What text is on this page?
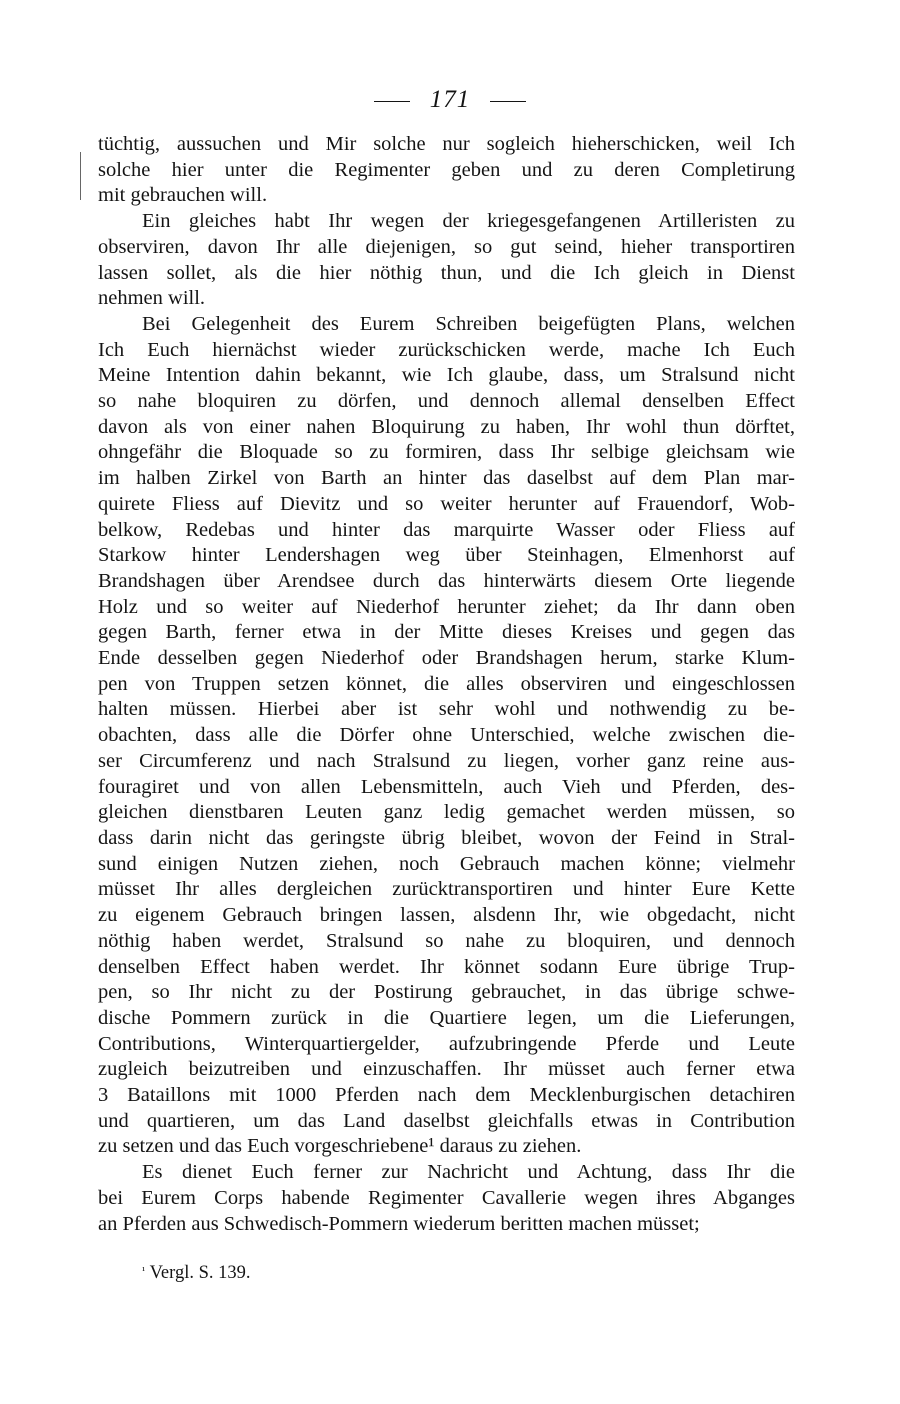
171
tüchtig, aussuchen und Mir solche nur sogleich hieherschicken, weil Ich
solche hier unter die Regimenter geben und zu deren Completirung
mit gebrauchen will.
Ein gleiches habt Ihr wegen der kriegesgefangenen Artilleristen zu
observiren, davon Ihr alle diejenigen, so gut seind, hieher transportiren
lassen sollet, als die hier nöthig thun, und die Ich gleich in Dienst
nehmen will.
Bei Gelegenheit des Eurem Schreiben beigefügten Plans, welchen
Ich Euch hiernächst wieder zurückschicken werde, mache Ich Euch
Meine Intention dahin bekannt, wie Ich glaube, dass, um Stralsund nicht
so nahe bloquiren zu dörfen, und dennoch allemal denselben Effect
davon als von einer nahen Bloquirung zu haben, Ihr wohl thun dörftet,
ohngefähr die Bloquade so zu formiren, dass Ihr selbige gleichsam wie
im halben Zirkel von Barth an hinter das daselbst auf dem Plan mar-
quirete Fliess auf Dievitz und so weiter herunter auf Frauendorf, Wob-
belkow, Redebas und hinter das marquirte Wasser oder Fliess auf
Starkow hinter Lendershagen weg über Steinhagen, Elmenhorst auf
Brandshagen über Arendsee durch das hinterwärts diesem Orte liegende
Holz und so weiter auf Niederhof herunter ziehet; da Ihr dann oben
gegen Barth, ferner etwa in der Mitte dieses Kreises und gegen das
Ende desselben gegen Niederhof oder Brandshagen herum, starke Klum-
pen von Truppen setzen könnet, die alles observiren und eingeschlossen
halten müssen. Hierbei aber ist sehr wohl und nothwendig zu be-
obachten, dass alle die Dörfer ohne Unterschied, welche zwischen die-
ser Circumferenz und nach Stralsund zu liegen, vorher ganz reine aus-
fouragiret und von allen Lebensmitteln, auch Vieh und Pferden, des-
gleichen dienstbaren Leuten ganz ledig gemachet werden müssen, so
dass darin nicht das geringste übrig bleibet, wovon der Feind in Stral-
sund einigen Nutzen ziehen, noch Gebrauch machen könne; vielmehr
müsset Ihr alles dergleichen zurücktransportiren und hinter Eure Kette
zu eigenem Gebrauch bringen lassen, alsdenn Ihr, wie obgedacht, nicht
nöthig haben werdet, Stralsund so nahe zu bloquiren, und dennoch
denselben Effect haben werdet. Ihr könnet sodann Eure übrige Trup-
pen, so Ihr nicht zu der Postirung gebrauchet, in das übrige schwe-
dische Pommern zurück in die Quartiere legen, um die Lieferungen,
Contributions, Winterquartiergelder, aufzubringende Pferde und Leute
zugleich beizutreiben und einzuschaffen. Ihr müsset auch ferner etwa
3 Bataillons mit 1000 Pferden nach dem Mecklenburgischen detachiren
und quartieren, um das Land daselbst gleichfalls etwas in Contribution
zu setzen und das Euch vorgeschriebene¹ daraus zu ziehen.
Es dienet Euch ferner zur Nachricht und Achtung, dass Ihr die
bei Eurem Corps habende Regimenter Cavallerie wegen ihres Abganges
an Pferden aus Schwedisch-Pommern wiederum beritten machen müsset;
$^{^1}$ Vergl. S. 139.
